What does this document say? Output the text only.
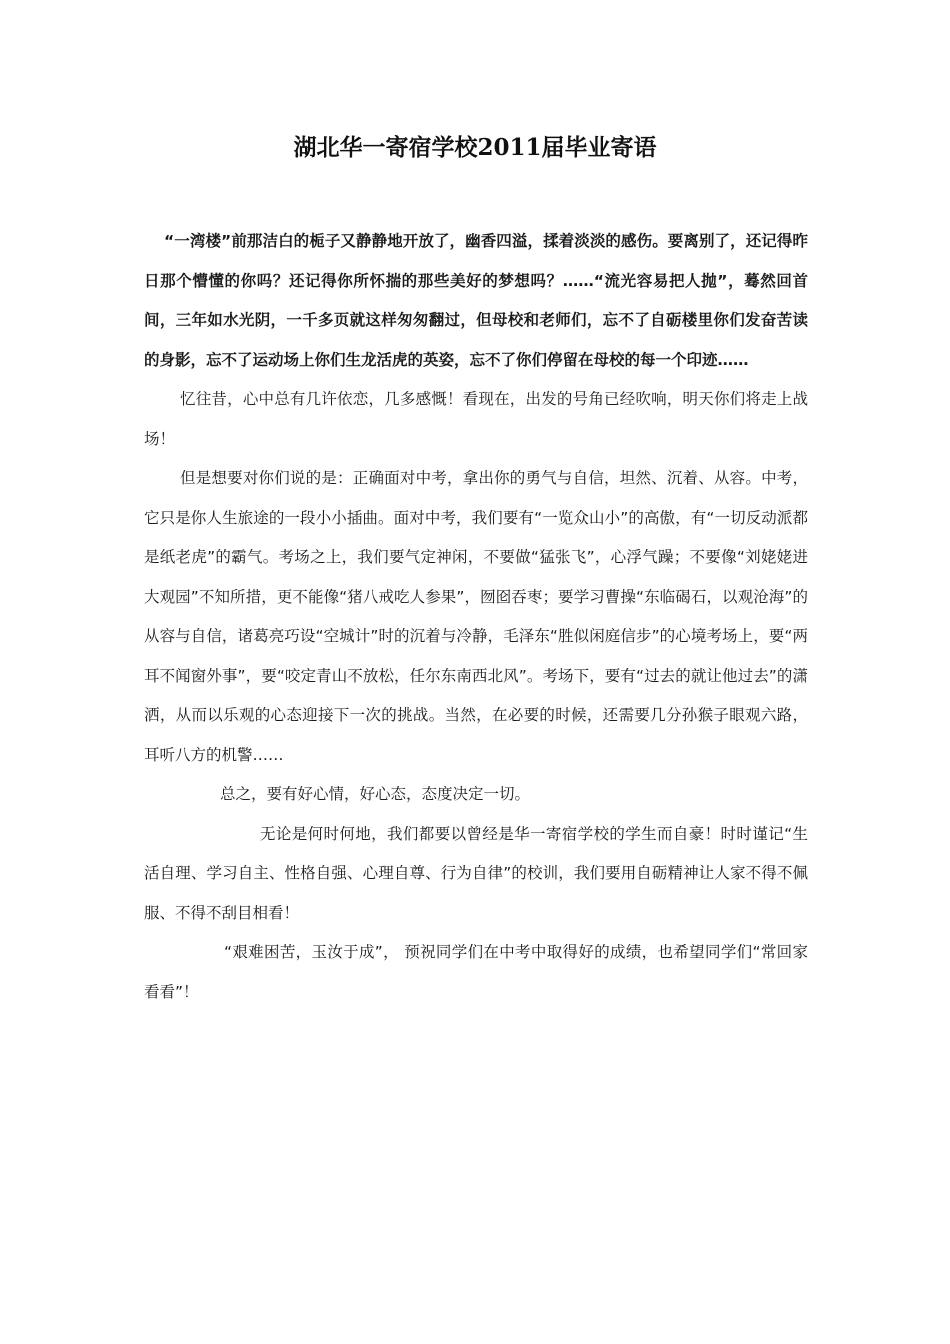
湖北华一寄宿学校2011届毕业寄语

“一湾楼”前那洁白的栀子又静静地开放了，幽香四溢，揉着淡淡的感伤。要离别了，还记得昨日那个懵懂的你吗？还记得你所怀揣的那些美好的梦想吗？……“流光容易把人抛”，蓦然回首间，三年如水光阴，一千多页就这样匆匆翻过，但母校和老师们，忘不了自砺楼里你们发奋苦读的身影，忘不了运动场上你们生龙活虎的英姿，忘不了你们停留在母校的每一个印迹……

忆往昔，心中总有几许依恋，几多感慨！看现在，出发的号角已经吹响，明天你们将走上战场！

但是想要对你们说的是：正确面对中考，拿出你的勇气与自信，坦然、沉着、从容。中考，它只是你人生旅途的一段小小插曲。面对中考，我们要有“一览众山小”的高傲，有“一切反动派都是纸老虎”的霸气。考场之上，我们要气定神闲，不要做“猛张飞”，心浮气躁；不要像“刘姥姥进大观园”不知所措，更不能像“猪八戒吃人参果”，囫囵吞枣；要学习曹操“东临碣石，以观沧海”的从容与自信，诸葛亮巧设“空城计”时的沉着与冷静，毛泽东“胜似闲庭信步”的心境考场上，要“两耳不闻窗外事”，要“咬定青山不放松，任尔东南西北风”。考场下，要有“过去的就让他过去”的潇洒，从而以乐观的心态迎接下一次的挑战。当然，在必要的时候，还需要几分孙猴子眼观六路，耳听八方的机警……

总之，要有好心情，好心态，态度决定一切。

无论是何时何地，我们都要以曾经是华一寄宿学校的学生而自豪！时时谨记“生活自理、学习自主、性格自强、心理自尊、行为自律”的校训，我们要用自砺精神让人家不得不佩服、不得不刮目相看！

“艰难困苦，玉汝于成”， 预祝同学们在中考中取得好的成绩，也希望同学们“常回家看看”！
